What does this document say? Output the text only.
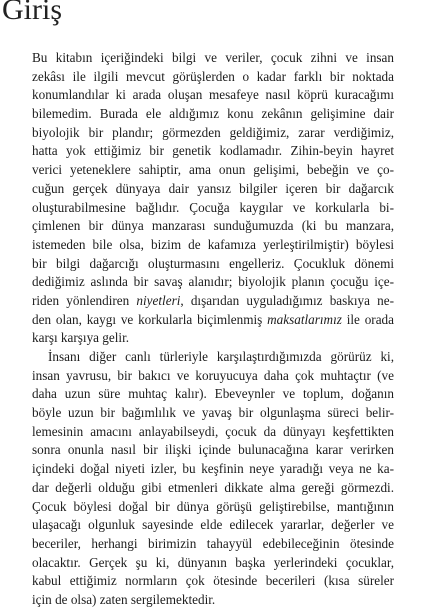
Giriş
Bu kitabın içeriğindeki bilgi ve veriler, çocuk zihni ve insan
zekâsı ile ilgili mevcut görüşlerden o kadar farklı bir noktada
konumlandılar ki arada oluşan mesafeye nasıl köprü kuracağımı
bilemedim. Burada ele aldığımız konu zekânın gelişimine dair
biyolojik bir plandır; görmezden geldiğimiz, zarar verdiğimiz,
hatta yok ettiğimiz bir genetik kodlamadır. Zihin-beyin hayret
verici yeteneklere sahiptir, ama onun gelişimi, bebeğin ve ço-
cuğun gerçek dünyaya dair yansız bilgiler içeren bir dağarcık
oluşturabilmesine bağlıdır. Çocuğa kaygılar ve korkularla bi-
çimlenen bir dünya manzarası sunduğumuzda (ki bu manzara,
istemeden bile olsa, bizim de kafamıza yerleştirilmiştir) böylesi
bir bilgi dağarcığı oluşturmasını engelleriz. Çocukluk dönemi
dediğimiz aslında bir savaş alanıdır; biyolojik planın çocuğu içe-
riden yönlendiren niyetleri, dışarıdan uyguladığımız baskıya ne-
den olan, kaygı ve korkularla biçimlenmiş maksatlarımız ile orada
karşı karşıya gelir.
İnsanı diğer canlı türleriyle karşılaştırdığımızda görürüz ki,
insan yavrusu, bir bakıcı ve koruyucuya daha çok muhtaçtır (ve
daha uzun süre muhtaç kalır). Ebeveynler ve toplum, doğanın
böyle uzun bir bağımlılık ve yavaş bir olgunlaşma süreci belir-
lemesinin amacını anlayabilseydi, çocuk da dünyayı keşfettikten
sonra onunla nasıl bir ilişki içinde bulunacağına karar verirken
içindeki doğal niyeti izler, bu keşfinin neye yaradığı veya ne ka-
dar değerli olduğu gibi etmenleri dikkate alma gereği görmezdi.
Çocuk böylesi doğal bir dünya görüşü geliştirebilse, mantığının
ulaşacağı olgunluk sayesinde elde edilecek yararlar, değerler ve
beceriler, herhangi birimizin tahayyül edebileceğinin ötesinde
olacaktır. Gerçek şu ki, dünyanın başka yerlerindeki çocuklar,
kabul ettiğimiz normların çok ötesinde becerileri (kısa süreler
için de olsa) zaten sergilemektedir.
